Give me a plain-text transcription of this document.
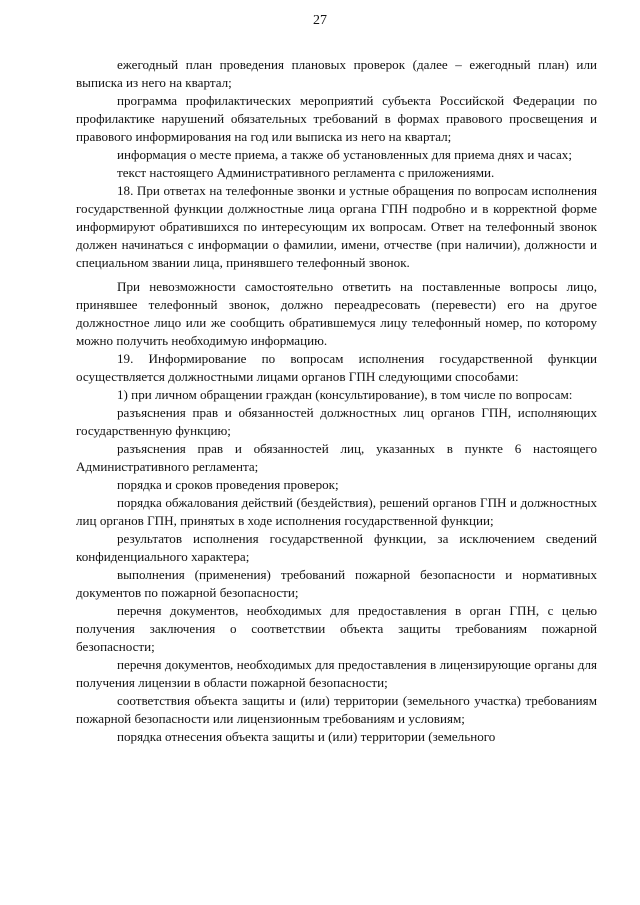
27

ежегодный план проведения плановых проверок (далее – ежегодный план) или выписка из него на квартал;

программа профилактических мероприятий субъекта Российской Федерации по профилактике нарушений обязательных требований в формах правового просвещения и правового информирования на год или выписка из него на квартал;

информация о месте приема, а также об установленных для приема днях и часах;

текст настоящего Административного регламента с приложениями.

18. При ответах на телефонные звонки и устные обращения по вопросам исполнения государственной функции должностные лица органа ГПН подробно и в корректной форме информируют обратившихся по интересующим их вопросам. Ответ на телефонный звонок должен начинаться с информации о фамилии, имени, отчестве (при наличии), должности и специальном звании лица, принявшего телефонный звонок.

При невозможности самостоятельно ответить на поставленные вопросы лицо, принявшее телефонный звонок, должно переадресовать (перевести) его на другое должностное лицо или же сообщить обратившемуся лицу телефонный номер, по которому можно получить необходимую информацию.

19. Информирование по вопросам исполнения государственной функции осуществляется должностными лицами органов ГПН следующими способами:

1) при личном обращении граждан (консультирование), в том числе по вопросам:

разъяснения прав и обязанностей должностных лиц органов ГПН, исполняющих государственную функцию;

разъяснения прав и обязанностей лиц, указанных в пункте 6 настоящего Административного регламента;

порядка и сроков проведения проверок;

порядка обжалования действий (бездействия), решений органов ГПН и должностных лиц органов ГПН, принятых в ходе исполнения государственной функции;

результатов исполнения государственной функции, за исключением сведений конфиденциального характера;

выполнения (применения) требований пожарной безопасности и нормативных документов по пожарной безопасности;

перечня документов, необходимых для предоставления в орган ГПН, с целью получения заключения о соответствии объекта защиты требованиям пожарной безопасности;

перечня документов, необходимых для предоставления в лицензирующие органы для получения лицензии в области пожарной безопасности;

соответствия объекта защиты и (или) территории (земельного участка) требованиям пожарной безопасности или лицензионным требованиям и условиям;

порядка отнесения объекта защиты и (или) территории (земельного
